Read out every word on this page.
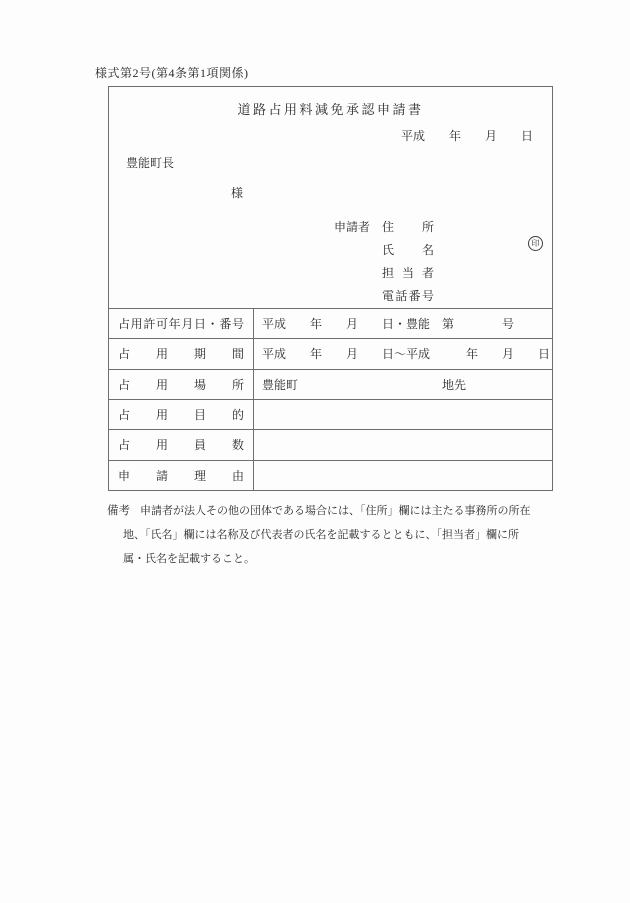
様式第2号(第4条第1項関係)
道路占用料減免承認申請書
平成　　年　　月　　日
豊能町長
様
申請者 住所
氏名
担当者
電話番号
印
占用許可年月日・番号 平成　　年　　月　　日・豊能　第　　　　号
占用期間 平成　　年　　月　　日～平成　　　年　　月　　日
占用場所 豊能町　　　　　　　　　　　　地先
占用目的
占用員数
申請理由
備考 申請者が法人その他の団体である場合には、「住所」欄には主たる事務所の所在
地、「氏名」欄には名称及び代表者の氏名を記載するとともに、「担当者」欄に所
属・氏名を記載すること。
